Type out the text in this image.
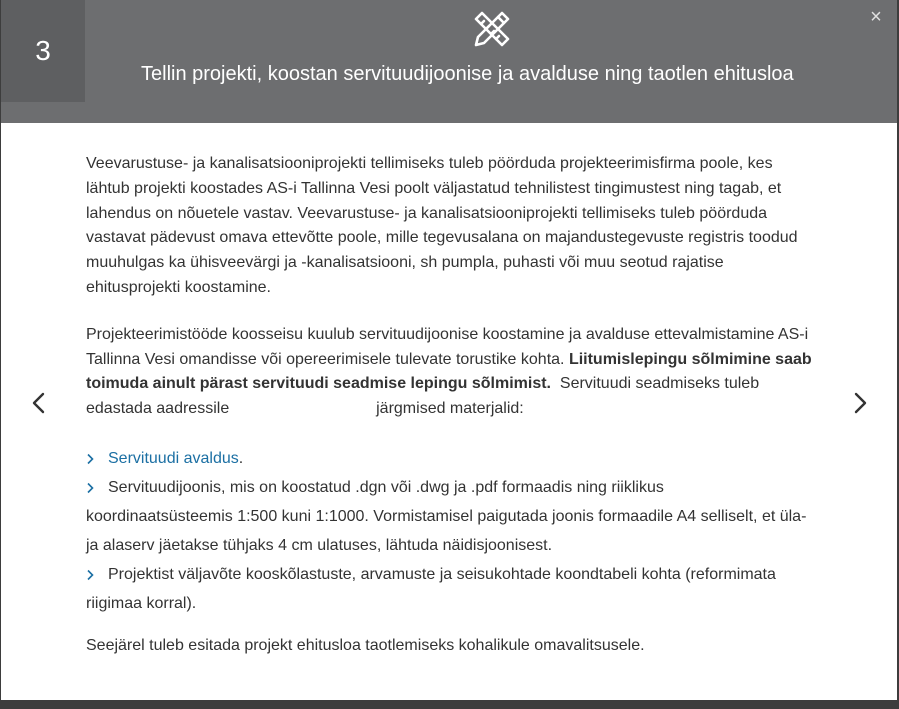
3
Tellin projekti, koostan servituudijoonise ja avalduse ning taotlen ehitusloa
×

Veevarustuse- ja kanalisatsiooniprojekti tellimiseks tuleb pöörduda projekteerimisfirma poole, kes lähtub projekti koostades AS-i Tallinna Vesi poolt väljastatud tehnilistest tingimustest ning tagab, et lahendus on nõuetele vastav. Veevarustuse- ja kanalisatsiooniprojekti tellimiseks tuleb pöörduda vastavat pädevust omava ettevõtte poole, mille tegevusalana on majandustegevuste registris toodud muuhulgas ka ühisveevärgi ja -kanalisatsiooni, sh pumpla, puhasti või muu seotud rajatise ehitusprojekti koostamine.

Projekteerimistööde koosseisu kuulub servituudijoonise koostamine ja avalduse ettevalmistamine AS-i Tallinna Vesi omandisse või opereerimisele tulevate torustike kohta. Liitumislepingu sõlmimine saab toimuda ainult pärast servituudi seadmise lepingu sõlmimist. Servituudi seadmiseks tuleb edastada aadressile	järgmised materjalid:

Servituudi avaldus.
Servituudijoonis, mis on koostatud .dgn või .dwg ja .pdf formaadis ning riiklikus koordinaatsüsteemis 1:500 kuni 1:1000. Vormistamisel paigutada joonis formaadile A4 selliselt, et üla- ja alaserv jäetakse tühjaks 4 cm ulatuses, lähtuda näidisjoonisest.
Projektist väljavõte kooskõlastuste, arvamuste ja seisukohtade koondtabeli kohta (reformimata riigimaa korral).

Seejärel tuleb esitada projekt ehitusloa taotlemiseks kohalikule omavalitsusele.
